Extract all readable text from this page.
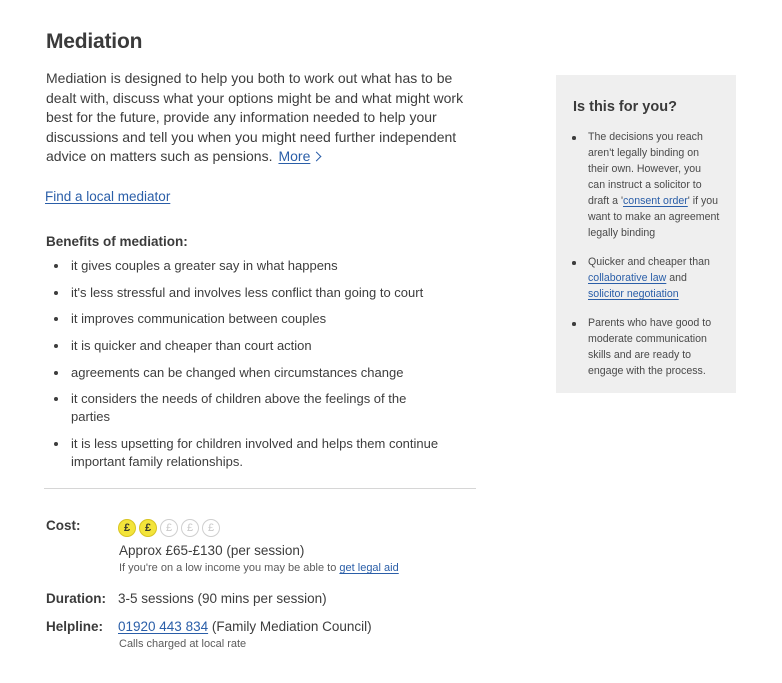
Mediation

Mediation is designed to help you both to work out what has to be dealt with, discuss what your options might be and what might work best for the future, provide any information needed to help your discussions and tell you when you might need further independent advice on matters such as pensions. More

Find a local mediator
Benefits of mediation:
it gives couples a greater say in what happens
it's less stressful and involves less conflict than going to court
it improves communication between couples
it is quicker and cheaper than court action
agreements can be changed when circumstances change
it considers the needs of children above the feelings of the parties
it is less upsetting for children involved and helps them continue important family relationships.
Cost:	£	£	£	£	£
Approx £65-£130 (per session)
If you're on a low income you may be able to get legal aid
Duration: 3-5 sessions (90 mins per session)
Helpline:	01920 443 834 (Family Mediation Council)
Calls charged at local rate
Is this for you?
The decisions you reach aren't legally binding on their own. However, you can instruct a solicitor to draft a 'consent order' if you want to make an agreement legally binding
Quicker and cheaper than collaborative law and solicitor negotiation
Parents who have good to moderate communication skills and are ready to engage with the process.
